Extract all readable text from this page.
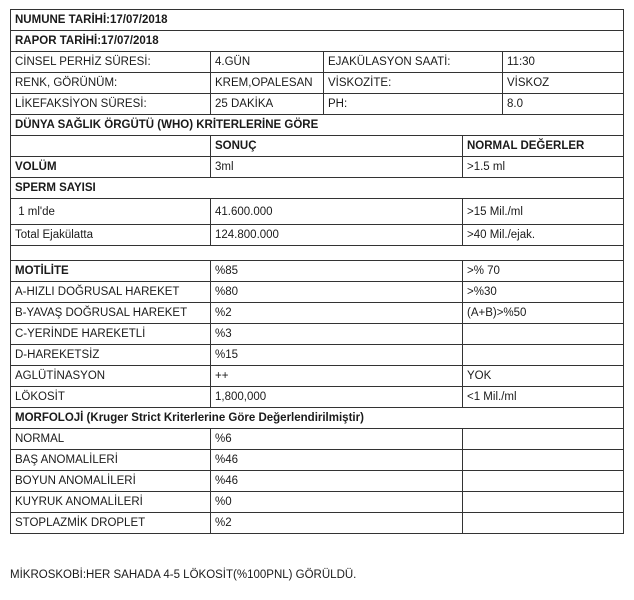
NUMUNE TARİHİ:17/07/2018				
RAPOR TARİHİ:17/07/2018				
CİNSEL PERHİZ SÜRESİ:	4.GÜN	EJAKÜLASYON SAATİ:		11:30
RENK, GÖRÜNÜM:	KREM,OPALESAN	VİSKOZİTE:		VİSKOZ
LİKEFAKSİYON SÜRESİ:	25 DAKİKA	PH:		8.0
DÜNYA SAĞLIK ÖRGÜTÜ (WHO) KRİTERLERİNE GÖRE				
	SONUÇ		NORMAL DEĞERLER	
VOLÜM	3ml		>1.5 ml	
SPERM SAYISI				
1 ml'de	41.600.000		>15 Mil./ml	
Total Ejakülatta	124.800.000		>40 Mil./ejak.	

MOTİLİTE	%85		>% 70	
A-HIZLI DOĞRUSAL HAREKET	%80		>%30	
B-YAVAŞ DOĞRUSAL HAREKET	%2		(A+B)>%50	
C-YERİNDE HAREKETLİ	%3			
D-HAREKETSİZ	%15			
AGLÜTİNASYON	++		YOK	
LÖKOSİT	1,800,000		<1 Mil./ml	
MORFOLOJİ (Kruger Strict Kriterlerine Göre Değerlendirilmiştir)				
NORMAL	%6			
BAŞ ANOMALİLERİ	%46			
BOYUN ANOMALİLERİ	%46			
KUYRUK ANOMALİLERİ	%0			
STOPLAZMİK DROPLET	%2			
MİKROSKOBİ:HER SAHADA 4-5 LÖKOSİT(%100PNL) GÖRÜLDÜ.
